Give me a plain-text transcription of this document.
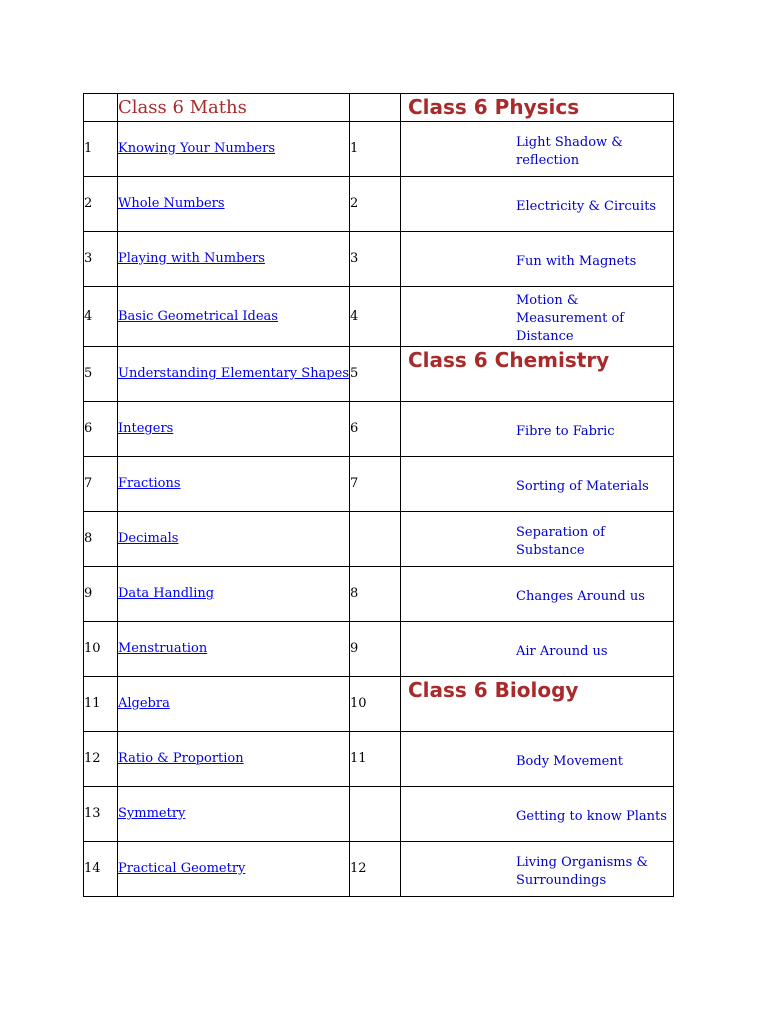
	Class 6 Maths		Class 6 Physics

1	Knowing Your Numbers	1	Light Shadow & reflection

2	Whole Numbers	2	Electricity & Circuits

3	Playing with Numbers	3	Fun with Magnets

4	Basic Geometrical Ideas	4	Motion & Measurement of Distance

5	Understanding Elementary Shapes	5	Class 6 Chemistry

6	Integers	6	Fibre to Fabric

7	Fractions	7	Sorting of Materials

8	Decimals		Separation of Substance

9	Data Handling	8	Changes Around us

10	Menstruation	9	Air Around us

11	Algebra	10	Class 6 Biology

12	Ratio & Proportion	11	Body Movement

13	Symmetry		Getting to know Plants

14	Practical Geometry	12	Living Organisms & Surroundings
